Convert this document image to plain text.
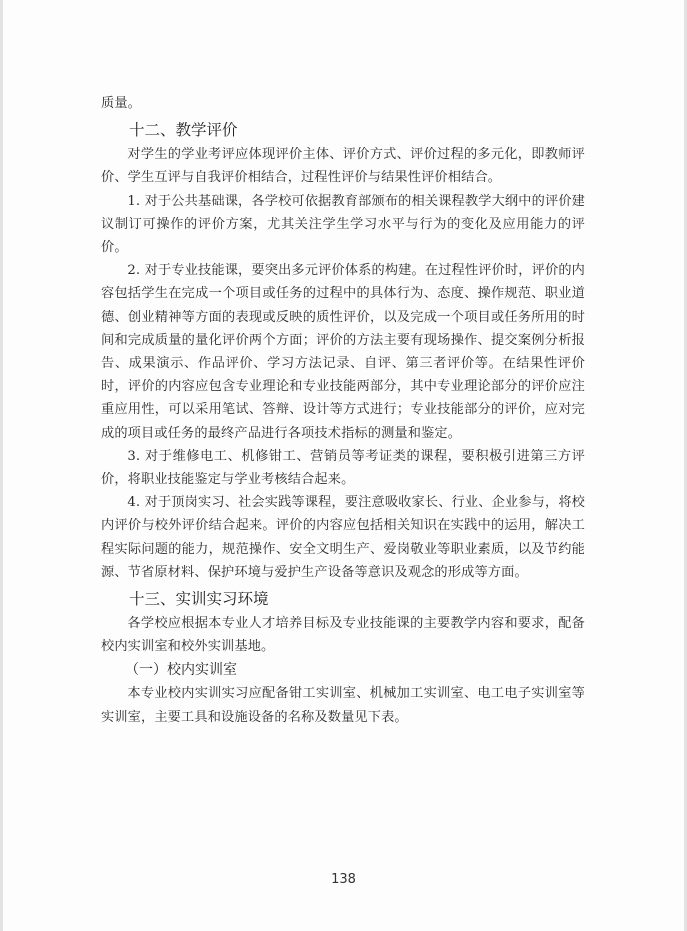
质量。

十二、教学评价

对学生的学业考评应体现评价主体、评价方式、评价过程的多元化，即教师评价、学生互评与自我评价相结合，过程性评价与结果性评价相结合。

1. 对于公共基础课，各学校可依据教育部颁布的相关课程教学大纲中的评价建议制订可操作的评价方案，尤其关注学生学习水平与行为的变化及应用能力的评价。

2. 对于专业技能课，要突出多元评价体系的构建。在过程性评价时，评价的内容包括学生在完成一个项目或任务的过程中的具体行为、态度、操作规范、职业道德、创业精神等方面的表现或反映的质性评价，以及完成一个项目或任务所用的时间和完成质量的量化评价两个方面；评价的方法主要有现场操作、提交案例分析报告、成果演示、作品评价、学习方法记录、自评、第三者评价等。在结果性评价时，评价的内容应包含专业理论和专业技能两部分，其中专业理论部分的评价应注重应用性，可以采用笔试、答辩、设计等方式进行；专业技能部分的评价，应对完成的项目或任务的最终产品进行各项技术指标的测量和鉴定。

3. 对于维修电工、机修钳工、营销员等考证类的课程，要积极引进第三方评价，将职业技能鉴定与学业考核结合起来。

4. 对于顶岗实习、社会实践等课程，要注意吸收家长、行业、企业参与，将校内评价与校外评价结合起来。评价的内容应包括相关知识在实践中的运用，解决工程实际问题的能力，规范操作、安全文明生产、爱岗敬业等职业素质，以及节约能源、节省原材料、保护环境与爱护生产设备等意识及观念的形成等方面。

十三、实训实习环境

各学校应根据本专业人才培养目标及专业技能课的主要教学内容和要求，配备校内实训室和校外实训基地。

（一）校内实训室

本专业校内实训实习应配备钳工实训室、机械加工实训室、电工电子实训室等实训室，主要工具和设施设备的名称及数量见下表。

138
